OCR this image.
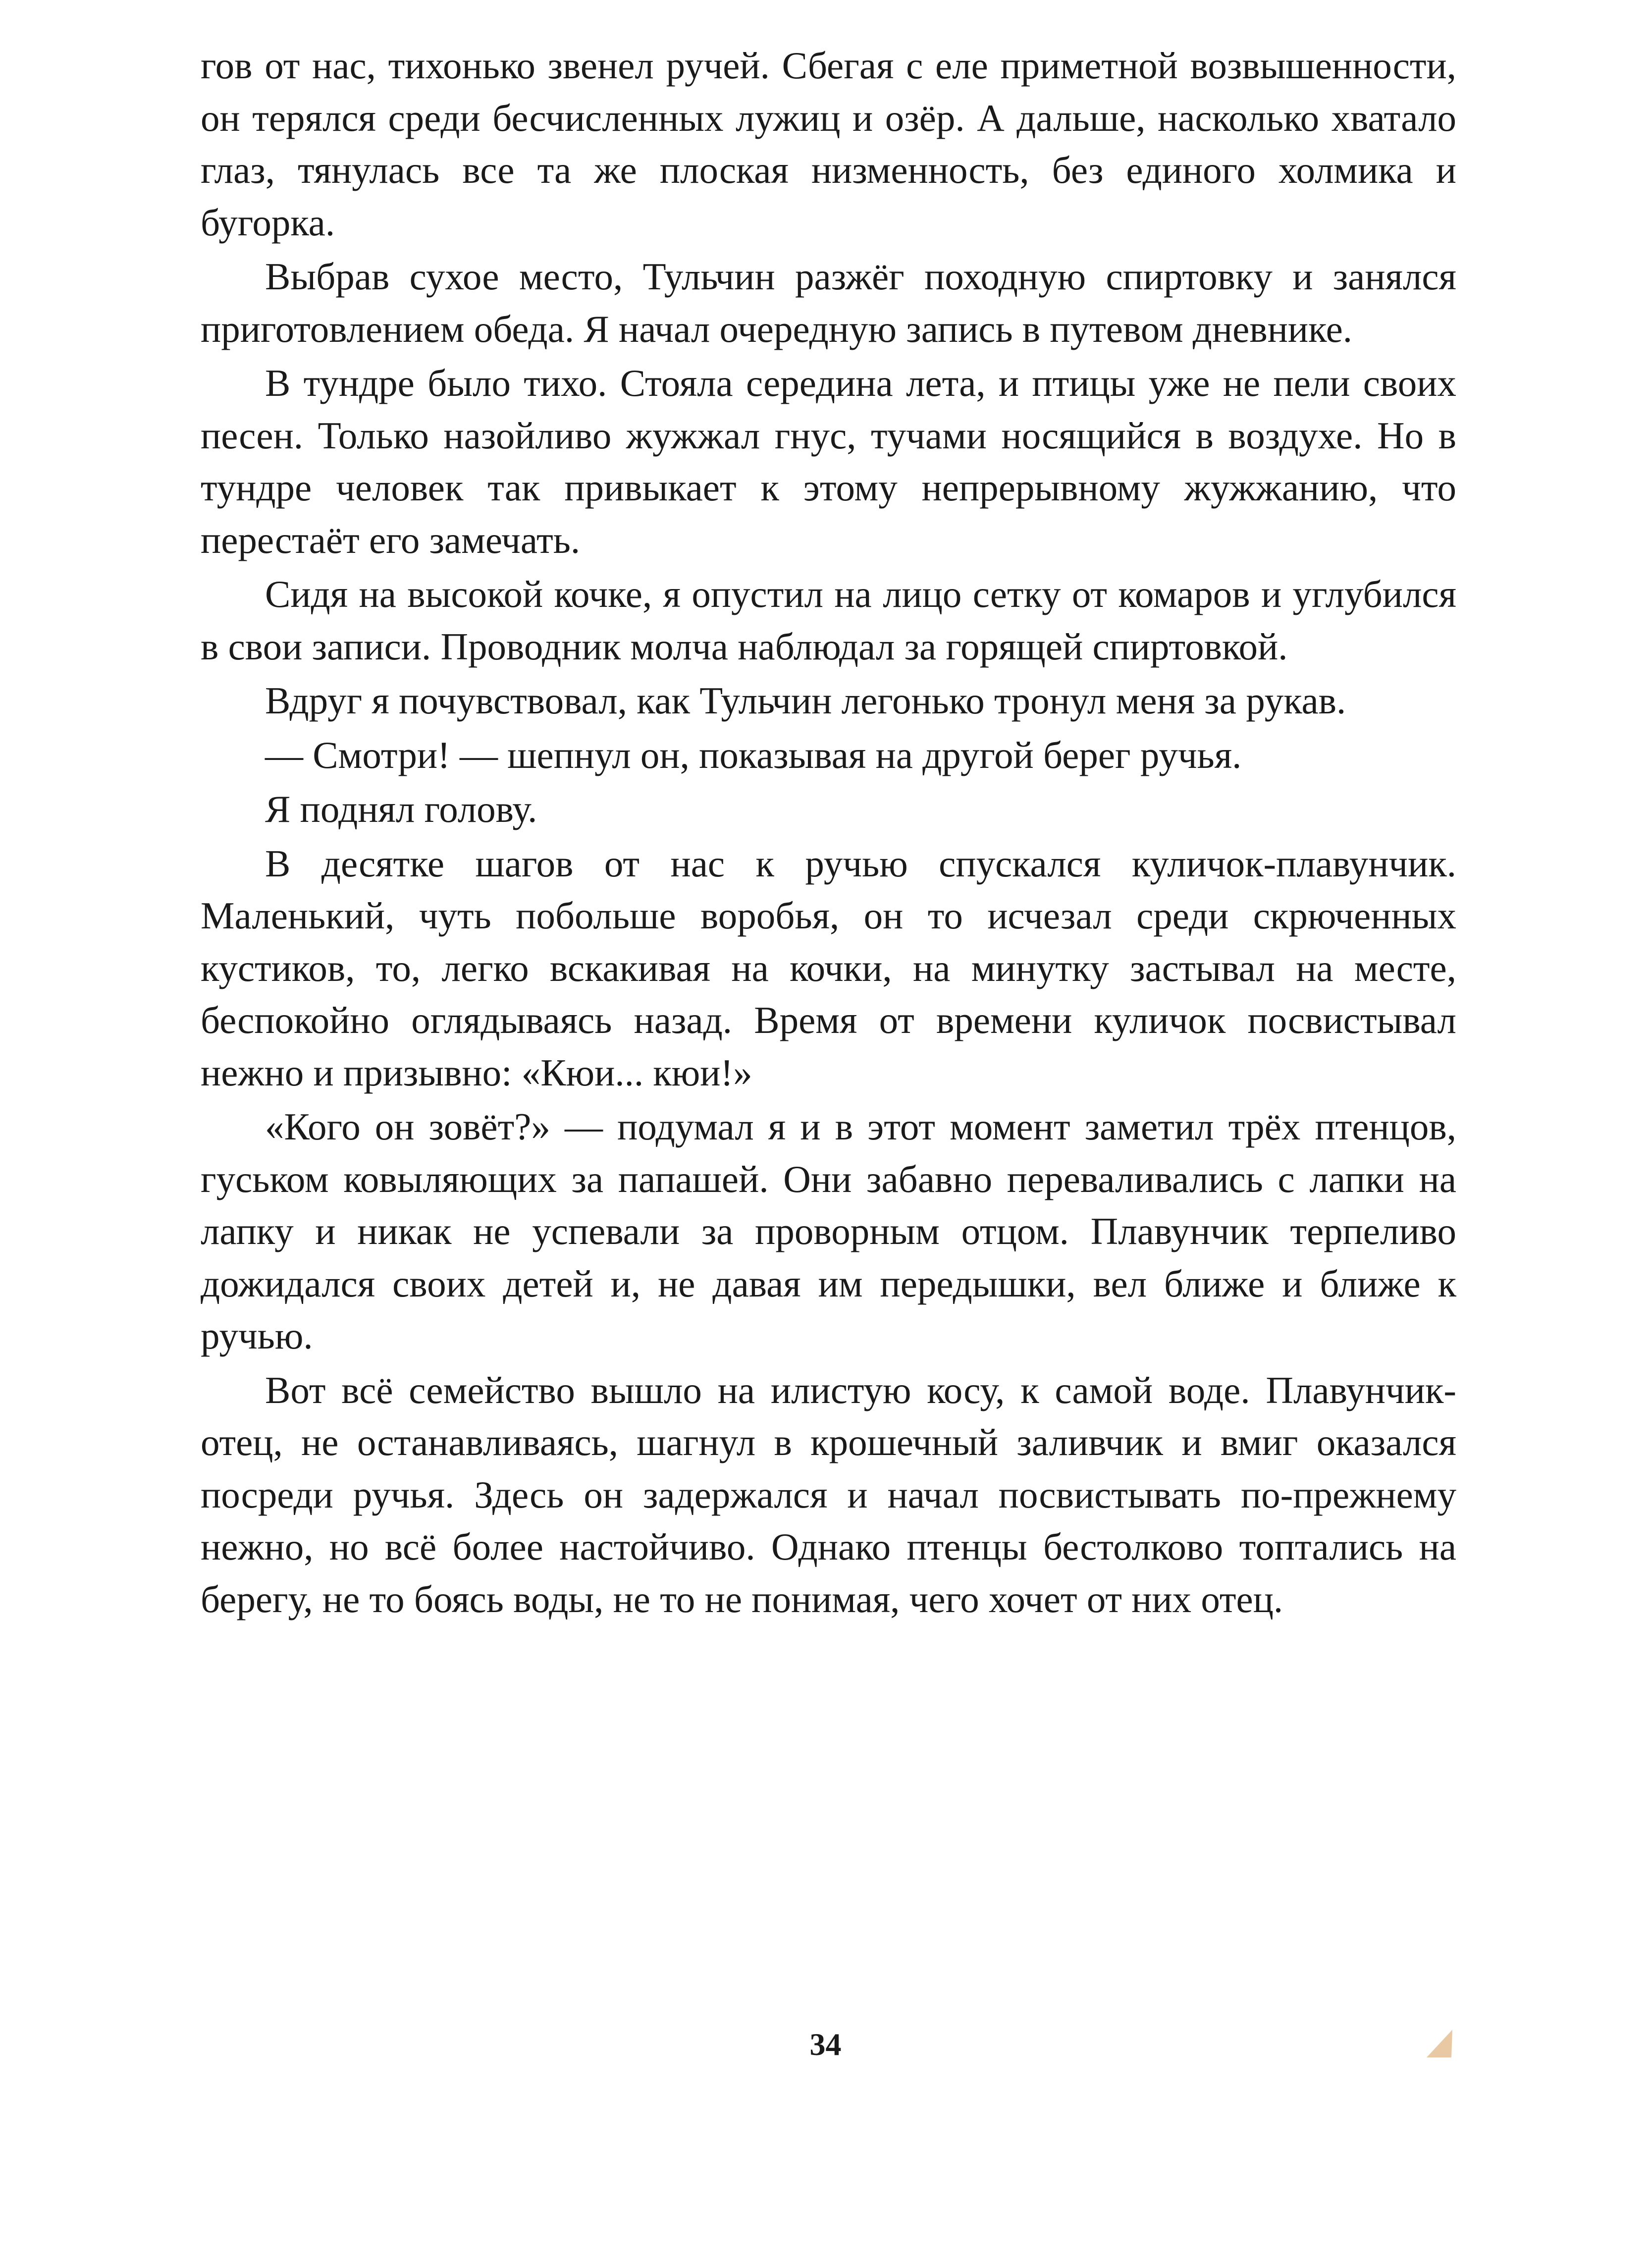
гов от нас, тихонько звенел ручей. Сбегая с еле приметной возвышенности, он терялся среди бесчисленных лужиц и озёр. А дальше, насколько хватало глаз, тянулась все та же плоская низменность, без единого холмика и бугорка.

Выбрав сухое место, Тульчин разжёг походную спиртовку и занялся приготовлением обеда. Я начал очередную запись в путевом дневнике.

В тундре было тихо. Стояла середина лета, и птицы уже не пели своих песен. Только назойливо жужжал гнус, тучами носящийся в воздухе. Но в тундре человек так привыкает к этому непрерывному жужжанию, что перестаёт его замечать.

Сидя на высокой кочке, я опустил на лицо сетку от комаров и углубился в свои записи. Проводник молча наблюдал за горящей спиртовкой.

Вдруг я почувствовал, как Тульчин легонько тронул меня за рукав.

— Смотри! — шепнул он, показывая на другой берег ручья.

Я поднял голову.

В десятке шагов от нас к ручью спускался куличок-плавунчик. Маленький, чуть побольше воробья, он то исчезал среди скрюченных кустиков, то, легко вскакивая на кочки, на минутку застывал на месте, беспокойно оглядываясь назад. Время от времени куличок посвистывал нежно и призывно: «Кюи... кюи!»

«Кого он зовёт?» — подумал я и в этот момент заметил трёх птенцов, гуськом ковыляющих за папашей. Они забавно переваливались с лапки на лапку и никак не успевали за проворным отцом. Плавунчик терпеливо дожидался своих детей и, не давая им передышки, вел ближе и ближе к ручью.

Вот всё семейство вышло на илистую косу, к самой воде. Плавунчик-отец, не останавливаясь, шагнул в крошечный заливчик и вмиг оказался посреди ручья. Здесь он задержался и начал посвистывать по-прежнему нежно, но всё более настойчиво. Однако птенцы бестолково топтались на берегу, не то боясь воды, не то не понимая, чего хочет от них отец.

34
